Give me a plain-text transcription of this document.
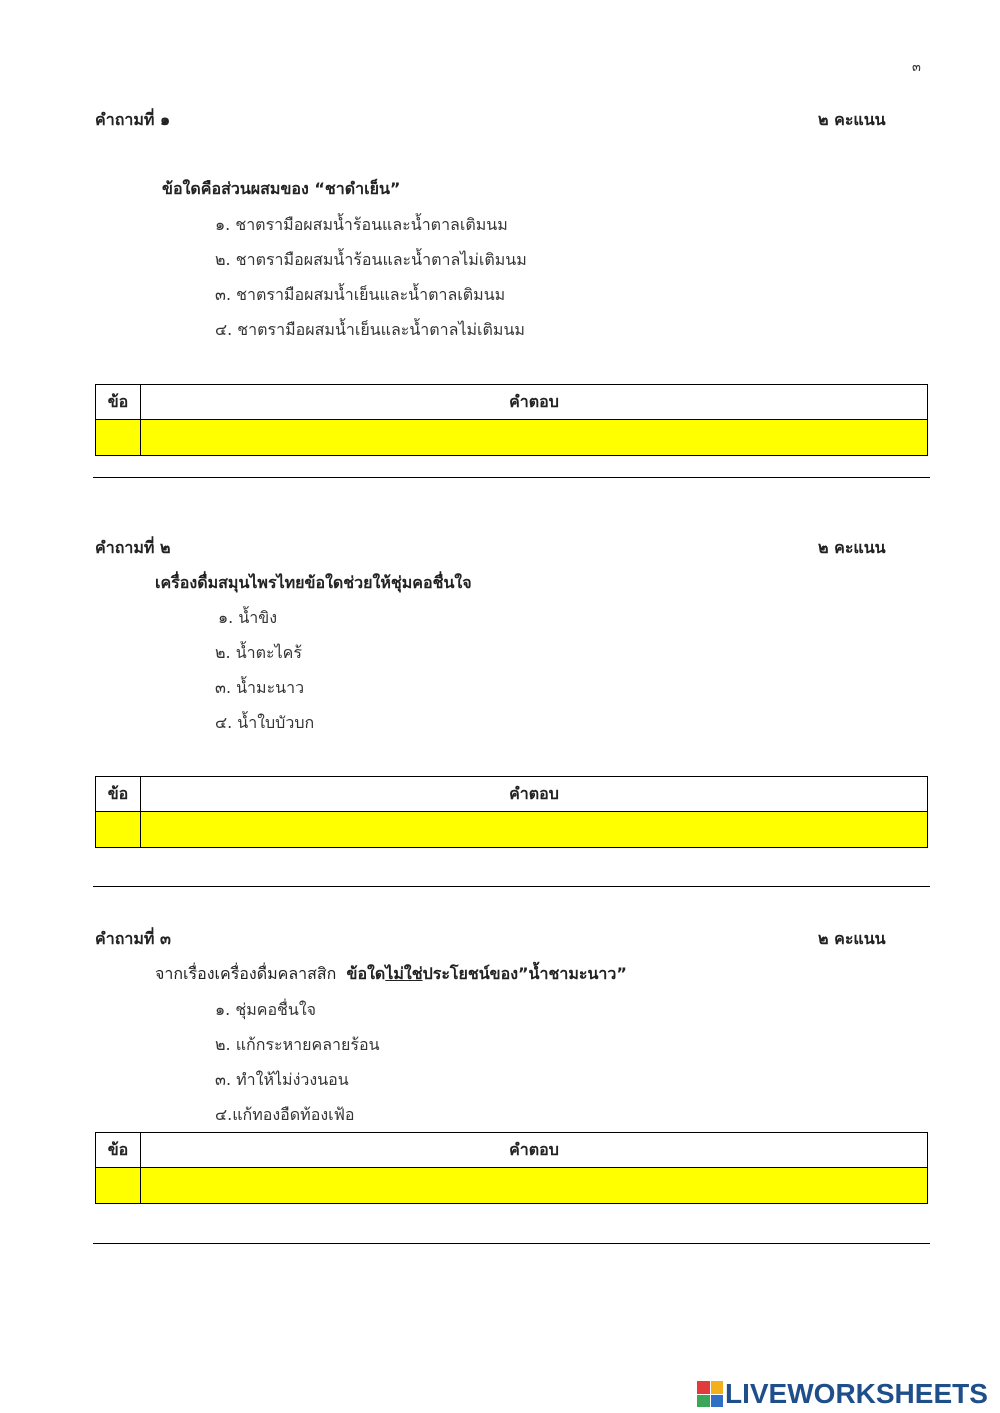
๓
คำถามที่ ๑	๒ คะแนน
ข้อใดคือส่วนผสมของ “ชาดำเย็น”
๑. ชาตรามือผสมน้ำร้อนและน้ำตาลเติมนม
๒. ชาตรามือผสมน้ำร้อนและน้ำตาลไม่เติมนม
๓. ชาตรามือผสมน้ำเย็นและน้ำตาลเติมนม
๔. ชาตรามือผสมน้ำเย็นและน้ำตาลไม่เติมนม
ข้อ	คำตอบ

คำถามที่ ๒	๒ คะแนน
เครื่องดื่มสมุนไพรไทยข้อใดช่วยให้ชุ่มคอชื่นใจ
๑. น้ำขิง
๒. น้ำตะไคร้
๓. น้ำมะนาว
๔. น้ำใบบัวบก
ข้อ	คำตอบ

คำถามที่ ๓	๒ คะแนน
จากเรื่องเครื่องดื่มคลาสสิก ข้อใดไม่ใช่ประโยชน์ของ”น้ำชามะนาว”
๑. ชุ่มคอชื่นใจ
๒. แก้กระหายคลายร้อน
๓. ทำให้ไม่ง่วงนอน
๔.แก้ทองอืดท้องเฟ้อ
ข้อ	คำตอบ

LIVEWORKSHEETS
